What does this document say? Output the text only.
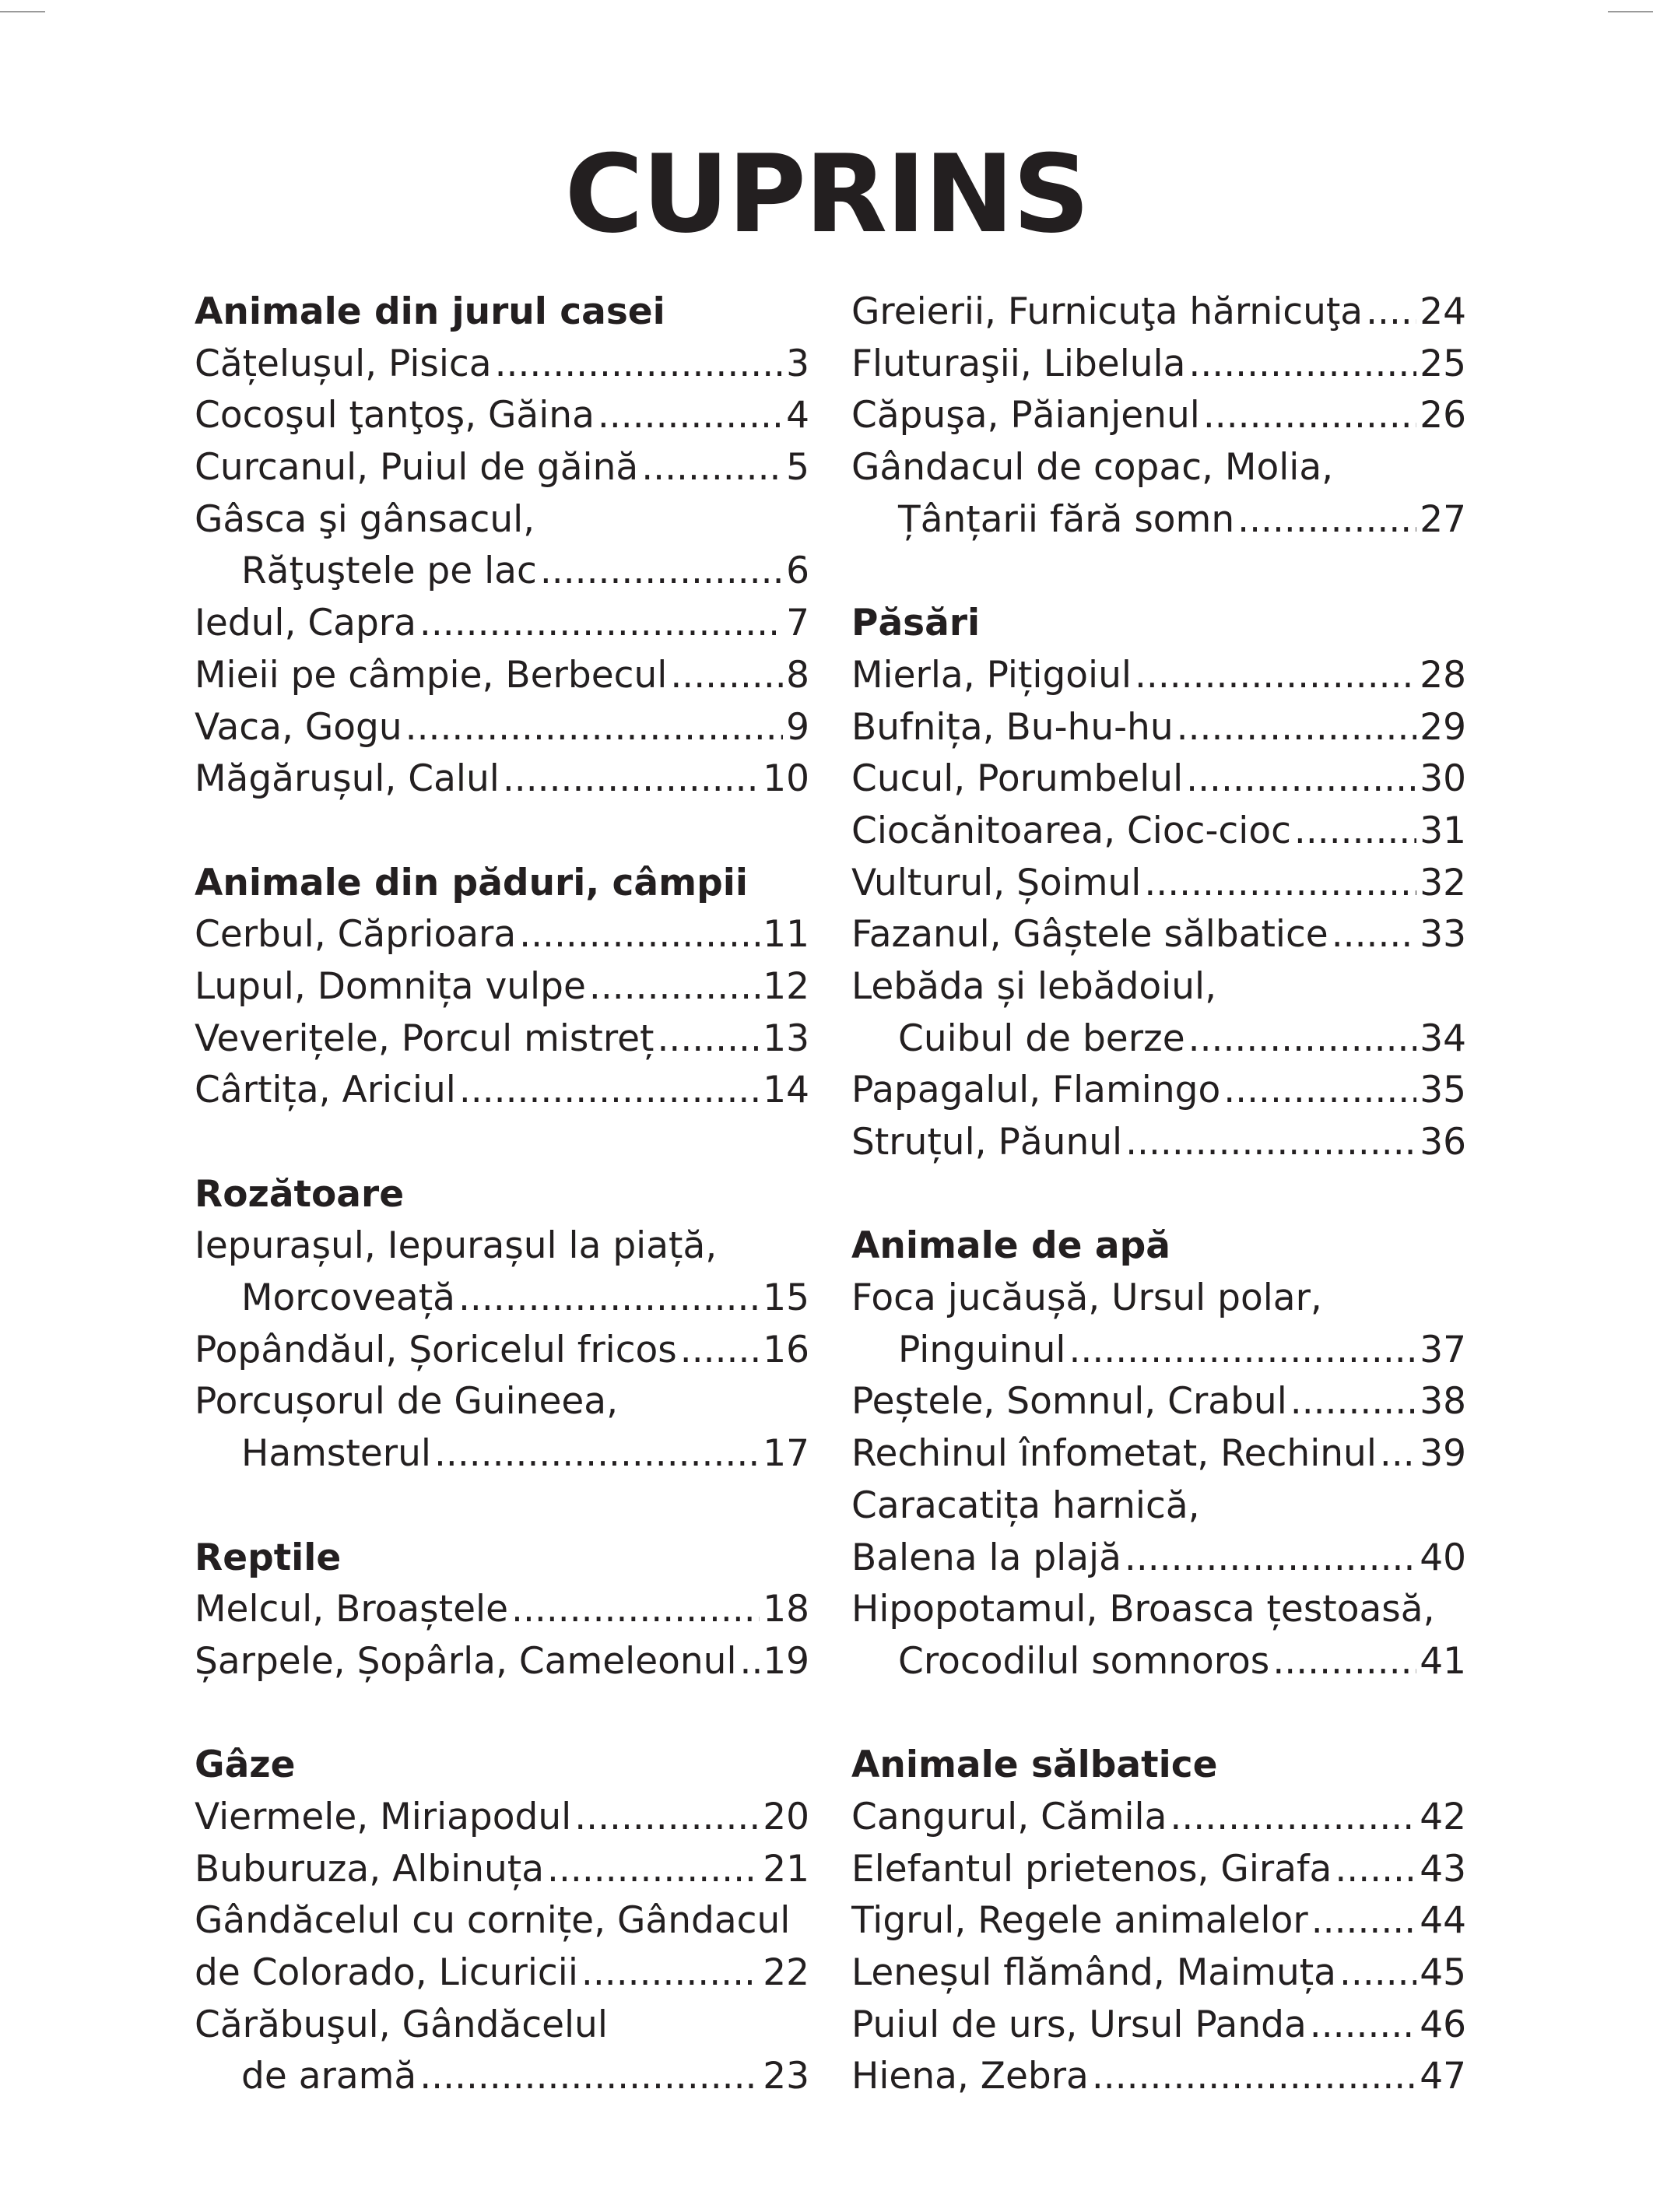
CUPRINS
Animale din jurul casei
Cățelușul, Pisica .....	3
Cocoşul ţanţoş, Găina .....	4
Curcanul, Puiul de găină .....	5
Gâsca şi gânsacul,
Răţuştele pe lac .....	6
Iedul, Capra .....	7
Mieii pe câmpie, Berbecul .....	8
Vaca, Gogu .....	9
Măgărușul, Calul .....	10
Animale din păduri, câmpii
Cerbul, Căprioara .....	11
Lupul, Domnița vulpe .....	12
Veverițele, Porcul mistreț .....	13
Cârtița, Ariciul .....	14
Rozătoare
Iepurașul, Iepurașul la piață,
Morcoveață .....	15
Popândăul, Șoricelul fricos ..... 16
Porcușorul de Guineea,
Hamsterul .....	17
Reptile
Melcul, Broaștele .....	18
Șarpele, Șopârla, Cameleonul ..... 19
Gâze
Viermele, Miriapodul .....	20
Buburuza, Albinuța .....	21
Gândăcelul cu cornițe, Gândacul
de Colorado, Licuricii .....	22
Cărăbuşul, Gândăcelul
de aramă .....	23
Greierii, Furnicuţa hărnicuţa ..... 24
Fluturaşii, Libelula .....	25
Căpuşa, Păianjenul .....	26
Gândacul de copac, Molia,
Țânțarii fără somn .....	27
Păsări
Mierla, Pițigoiul .....	28
Bufnița, Bu-hu-hu .....	29
Cucul, Porumbelul .....	30
Ciocănitoarea, Cioc-cioc .....	31
Vulturul, Șoimul .....	32
Fazanul, Gâștele sălbatice ..... 33
Lebăda și lebădoiul,
Cuibul de berze .....	34
Papagalul, Flamingo .....	35
Struțul, Păunul .....	36
Animale de apă
Foca jucăușă, Ursul polar,
Pinguinul .....	37
Peștele, Somnul, Crabul .....	38
Rechinul înfometat, Rechinul ..... 39
Caracatița harnică,
Balena la plajă .....	40
Hipopotamul, Broasca țestoasă,
Crocodilul somnoros .....	41
Animale sălbatice
Cangurul, Cămila .....	42
Elefantul prietenos, Girafa ..... 43
Tigrul, Regele animalelor .....	44
Leneșul flămând, Maimuța ..... 45
Puiul de urs, Ursul Panda .....	46
Hiena, Zebra .....	47
